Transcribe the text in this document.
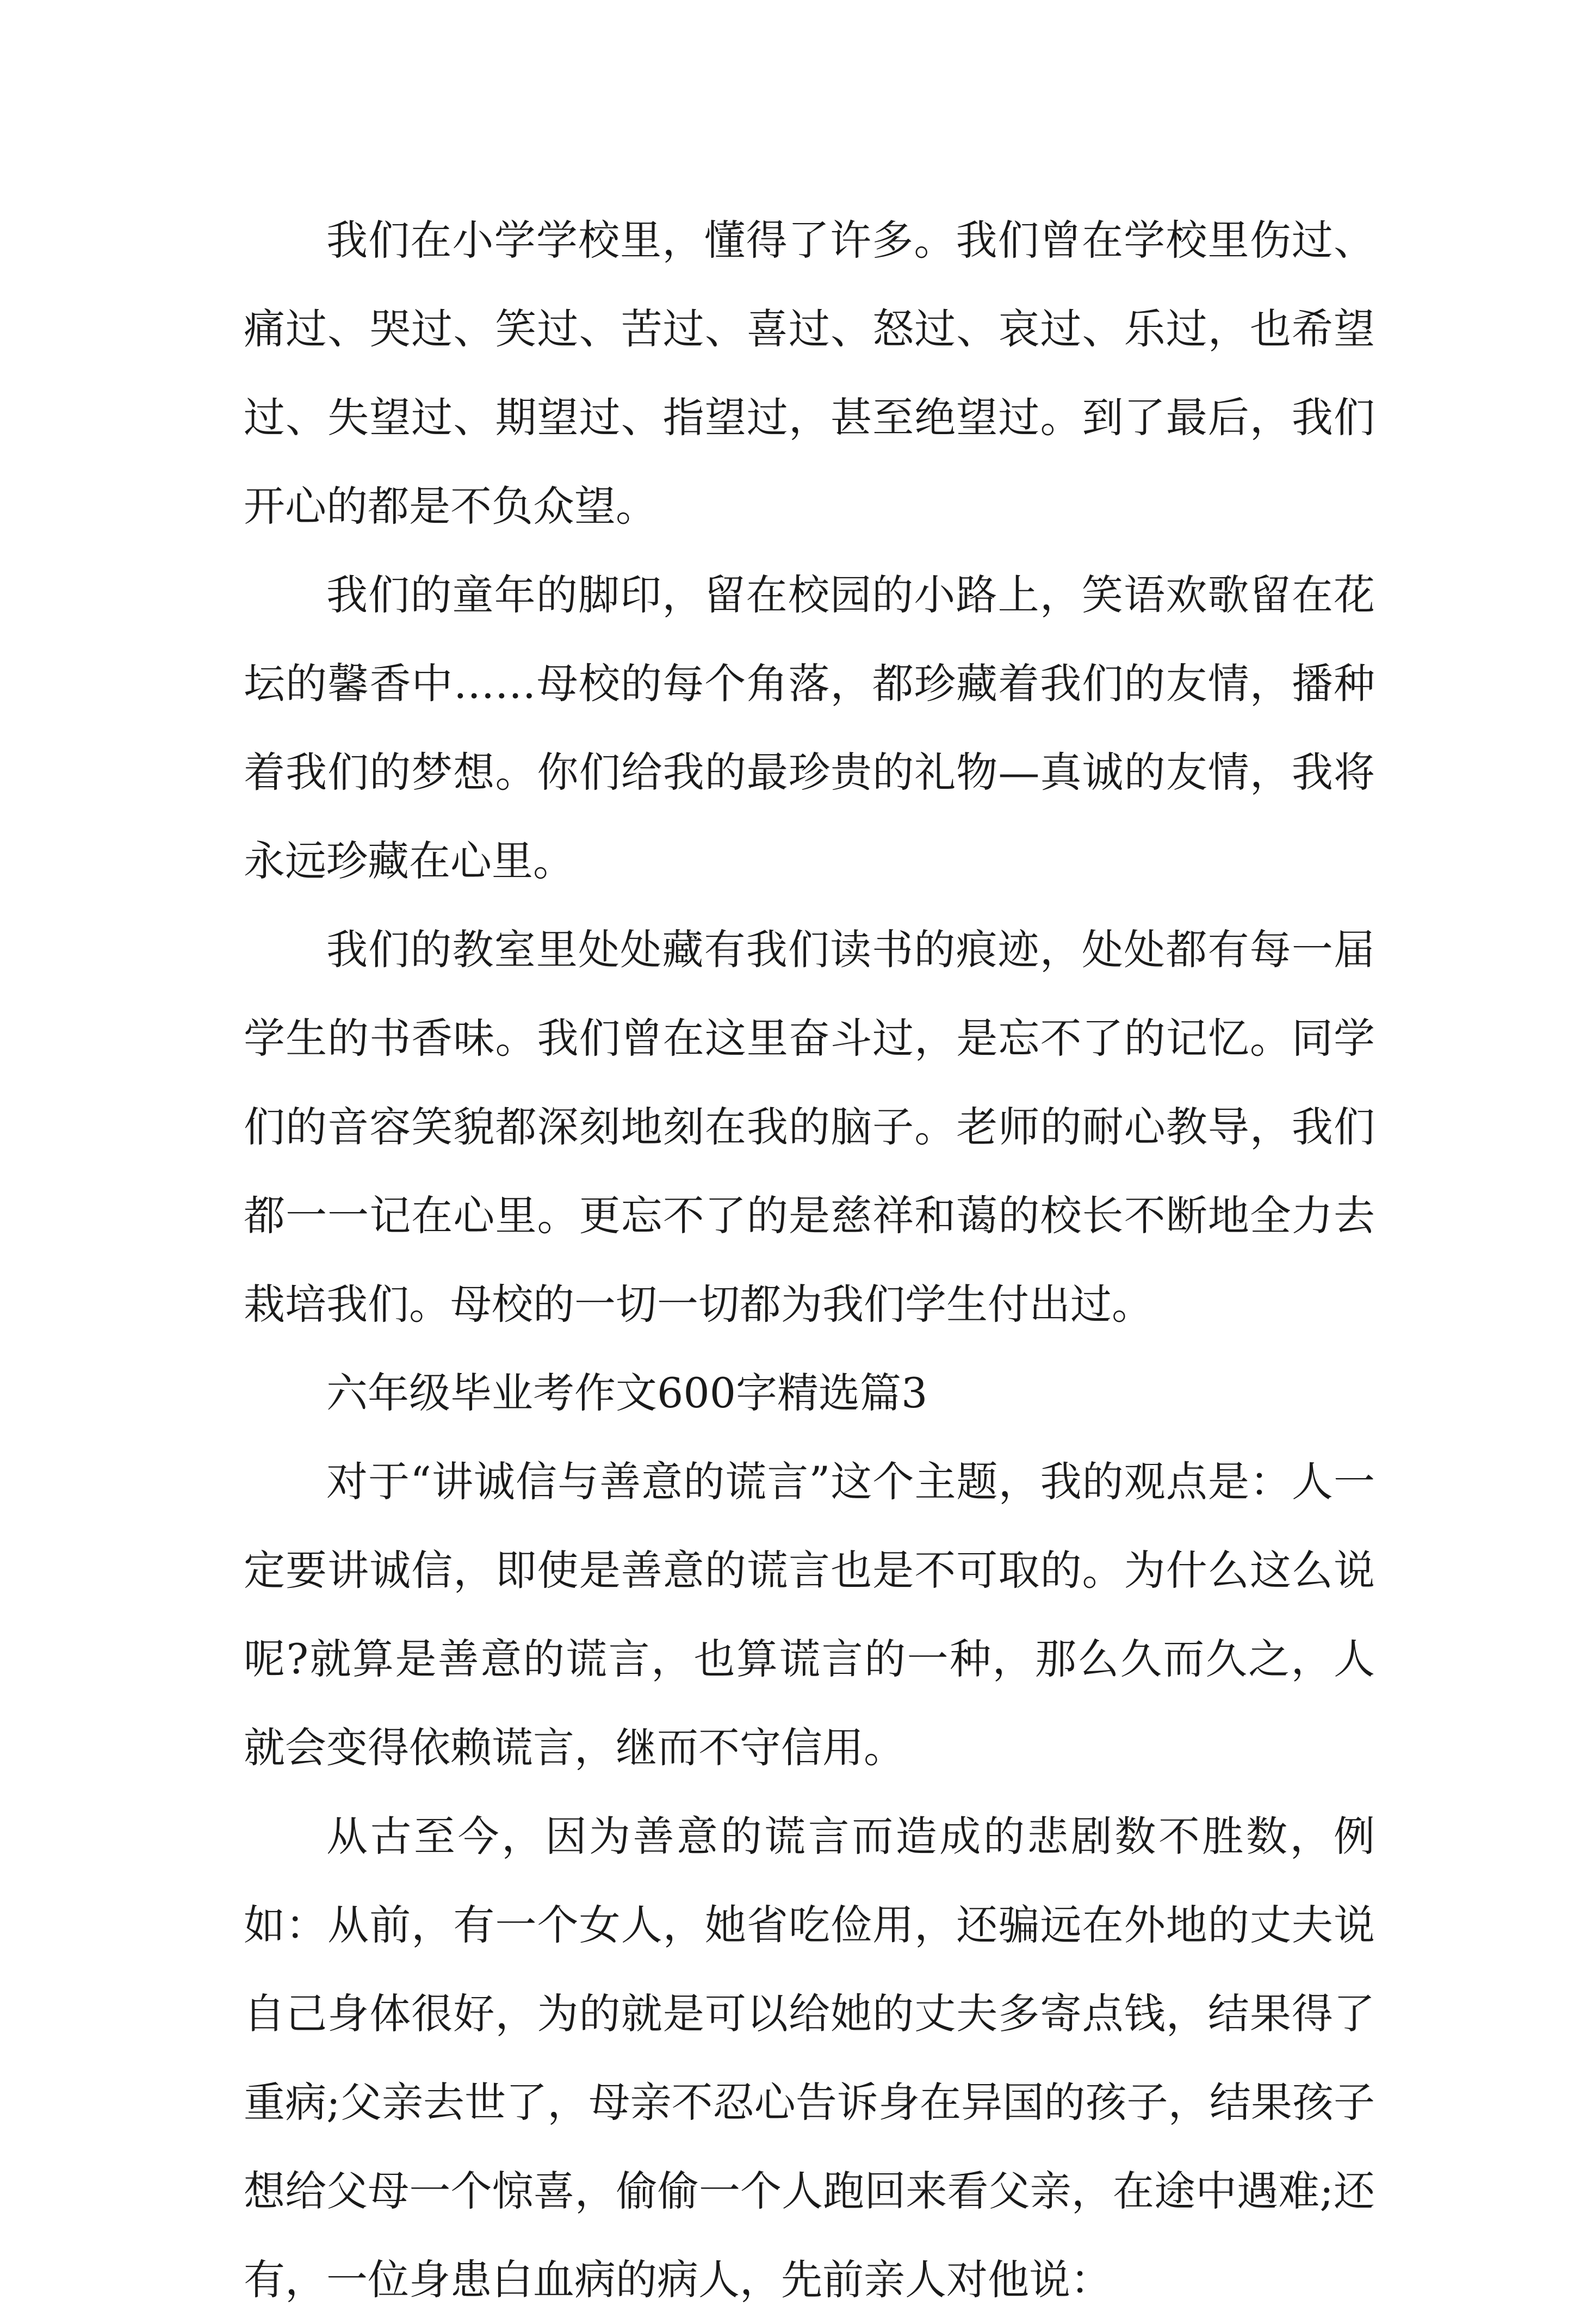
我们在小学学校里，懂得了许多。我们曾在学校里伤过、痛过、哭过、笑过、苦过、喜过、怒过、哀过、乐过，也希望过、失望过、期望过、指望过，甚至绝望过。到了最后，我们开心的都是不负众望。

我们的童年的脚印，留在校园的小路上，笑语欢歌留在花坛的馨香中……母校的每个角落，都珍藏着我们的友情，播种着我们的梦想。你们给我的最珍贵的礼物—真诚的友情，我将永远珍藏在心里。

我们的教室里处处藏有我们读书的痕迹，处处都有每一届学生的书香味。我们曾在这里奋斗过，是忘不了的记忆。同学们的音容笑貌都深刻地刻在我的脑子。老师的耐心教导，我们都一一记在心里。更忘不了的是慈祥和蔼的校长不断地全力去栽培我们。母校的一切一切都为我们学生付出过。

六年级毕业考作文600字精选篇3

对于“讲诚信与善意的谎言”这个主题，我的观点是：人一定要讲诚信，即使是善意的谎言也是不可取的。为什么这么说呢?就算是善意的谎言，也算谎言的一种，那么久而久之，人就会变得依赖谎言，继而不守信用。

从古至今，因为善意的谎言而造成的悲剧数不胜数，例如：从前，有一个女人，她省吃俭用，还骗远在外地的丈夫说自己身体很好，为的就是可以给她的丈夫多寄点钱，结果得了重病;父亲去世了，母亲不忍心告诉身在异国的孩子，结果孩子想给父母一个惊喜，偷偷一个人跑回来看父亲，在途中遇难;还有，一位身患白血病的病人，先前亲人对他说：
